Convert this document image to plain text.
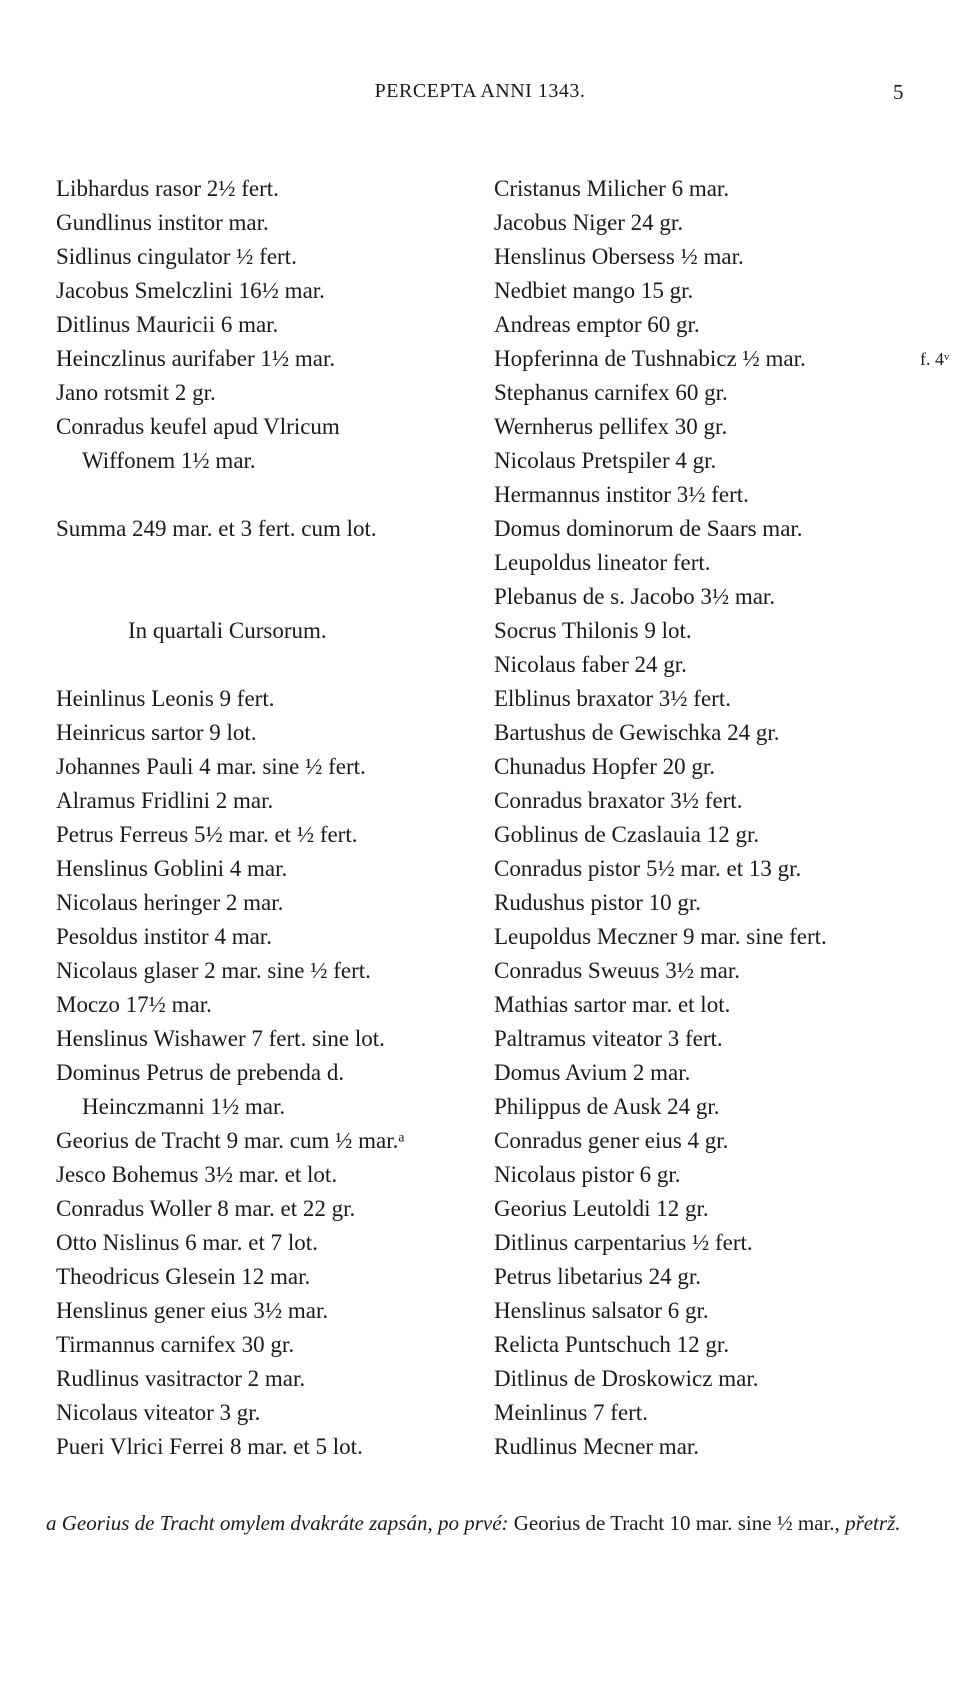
PERCEPTA ANNI 1343.	5
Libhardus rasor 2½ fert.
Gundlinus institor mar.
Sidlinus cingulator ½ fert.
Jacobus Smelczlini 16½ mar.
Ditlinus Mauricii 6 mar.
Heinczlinus aurifaber 1½ mar.
Jano rotsmit 2 gr.
Conradus keufel apud Vlricum
Wiffonem 1½ mar.
Summa 249 mar. et 3 fert. cum lot.
In quartali Cursorum.
Heinlinus Leonis 9 fert.
Heinricus sartor 9 lot.
Johannes Pauli 4 mar. sine ½ fert.
Alramus Fridlini 2 mar.
Petrus Ferreus 5½ mar. et ½ fert.
Henslinus Goblini 4 mar.
Nicolaus heringer 2 mar.
Pesoldus institor 4 mar.
Nicolaus glaser 2 mar. sine ½ fert.
Moczo 17½ mar.
Henslinus Wishawer 7 fert. sine lot.
Dominus Petrus de prebenda d.
Heinczmanni 1½ mar.
Georius de Tracht 9 mar. cum ½ mar.ᵃ
Jesco Bohemus 3½ mar. et lot.
Conradus Woller 8 mar. et 22 gr.
Otto Nislinus 6 mar. et 7 lot.
Theodricus Glesein 12 mar.
Henslinus gener eius 3½ mar.
Tirmannus carnifex 30 gr.
Rudlinus vasitractor 2 mar.
Nicolaus viteator 3 gr.
Pueri Vlrici Ferrei 8 mar. et 5 lot.
Cristanus Milicher 6 mar.
Jacobus Niger 24 gr.
Henslinus Obersess ½ mar.
Nedbiet mango 15 gr.
Andreas emptor 60 gr.
Hopferinna de Tushnabicz ½ mar.	f. 4ᵛ
Stephanus carnifex 60 gr.
Wernherus pellifex 30 gr.
Nicolaus Pretspiler 4 gr.
Hermannus institor 3½ fert.
Domus dominorum de Saars mar.
Leupoldus lineator fert.
Plebanus de s. Jacobo 3½ mar.
Socrus Thilonis 9 lot.
Nicolaus faber 24 gr.
Elblinus braxator 3½ fert.
Bartushus de Gewischka 24 gr.
Chunadus Hopfer 20 gr.
Conradus braxator 3½ fert.
Goblinus de Czaslauia 12 gr.
Conradus pistor 5½ mar. et 13 gr.
Rudushus pistor 10 gr.
Leupoldus Meczner 9 mar. sine fert.
Conradus Sweuus 3½ mar.
Mathias sartor mar. et lot.
Paltramus viteator 3 fert.
Domus Avium 2 mar.
Philippus de Ausk 24 gr.
Conradus gener eius 4 gr.
Nicolaus pistor 6 gr.
Georius Leutoldi 12 gr.
Ditlinus carpentarius ½ fert.
Petrus libetarius 24 gr.
Henslinus salsator 6 gr.
Relicta Puntschuch 12 gr.
Ditlinus de Droskowicz mar.
Meinlinus 7 fert.
Rudlinus Mecner mar.
a Georius de Tracht omylem dvakráte zapsán, po prvé: Georius de Tracht 10 mar. sine ½ mar., přetrž.
